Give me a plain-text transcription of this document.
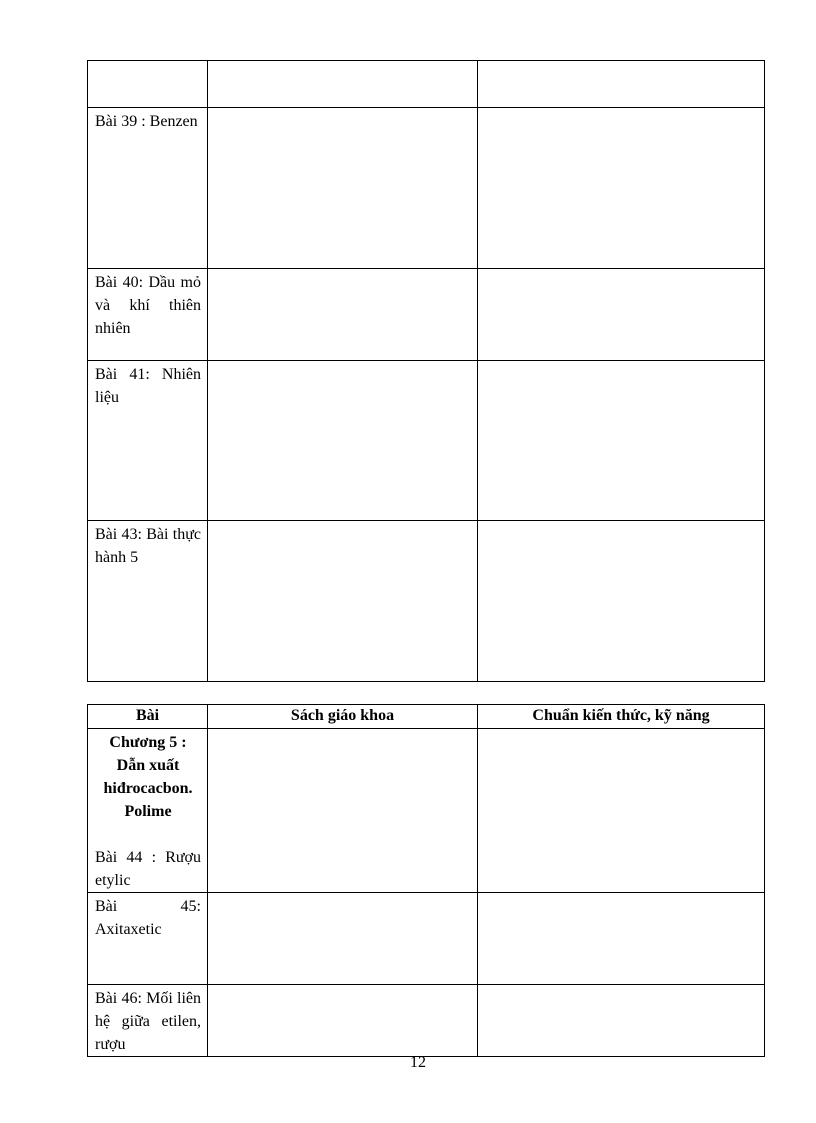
Bài 39 : Benzen		

Bài 40: Dầu mỏ và khí thiên nhiên		

Bài 41: Nhiên liệu		

Bài 43: Bài thực hành 5		

Bài	Sách giáo khoa	Chuẩn kiến thức, kỹ năng

Chương 5 :
Dẫn xuất
hiđrocacbon.
Polime
Bài 44 : Rượu etylic		

Bài 45: Axitaxetic		

Bài 46: Mối liên hệ giữa etilen, rượu		

12
